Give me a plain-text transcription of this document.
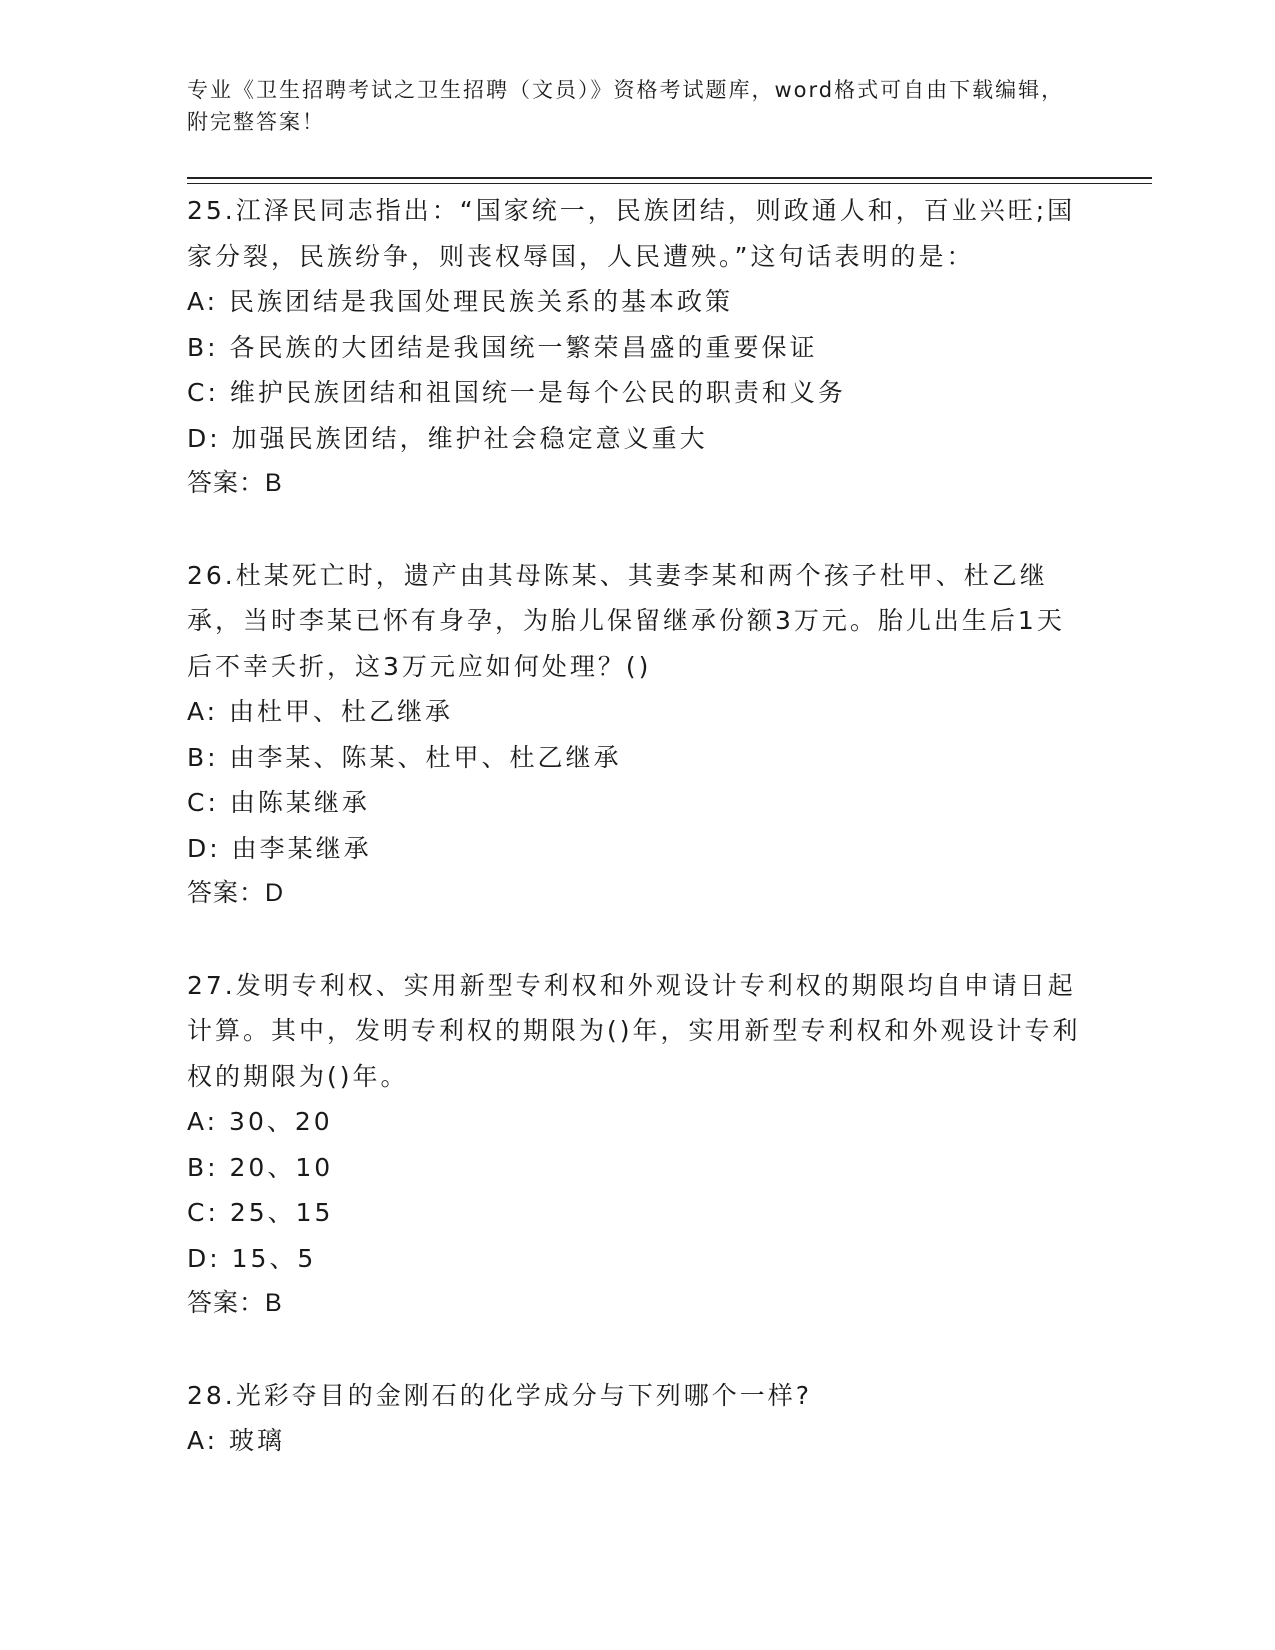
专业《卫生招聘考试之卫生招聘（文员）》资格考试题库，word格式可自由下载编辑，附完整答案！

25.江泽民同志指出：“国家统一，民族团结，则政通人和，百业兴旺;国家分裂，民族纷争，则丧权辱国，人民遭殃。”这句话表明的是：

A: 民族团结是我国处理民族关系的基本政策

B: 各民族的大团结是我国统一繁荣昌盛的重要保证

C: 维护民族团结和祖国统一是每个公民的职责和义务

D: 加强民族团结，维护社会稳定意义重大

答案：B

26.杜某死亡时，遗产由其母陈某、其妻李某和两个孩子杜甲、杜乙继承，当时李某已怀有身孕，为胎儿保留继承份额3万元。胎儿出生后1天后不幸夭折，这3万元应如何处理？()

A: 由杜甲、杜乙继承

B: 由李某、陈某、杜甲、杜乙继承

C: 由陈某继承

D: 由李某继承

答案：D

27.发明专利权、实用新型专利权和外观设计专利权的期限均自申请日起计算。其中，发明专利权的期限为()年，实用新型专利权和外观设计专利权的期限为()年。

A: 30、20

B: 20、10

C: 25、15

D: 15、5

答案：B

28.光彩夺目的金刚石的化学成分与下列哪个一样?

A: 玻璃
